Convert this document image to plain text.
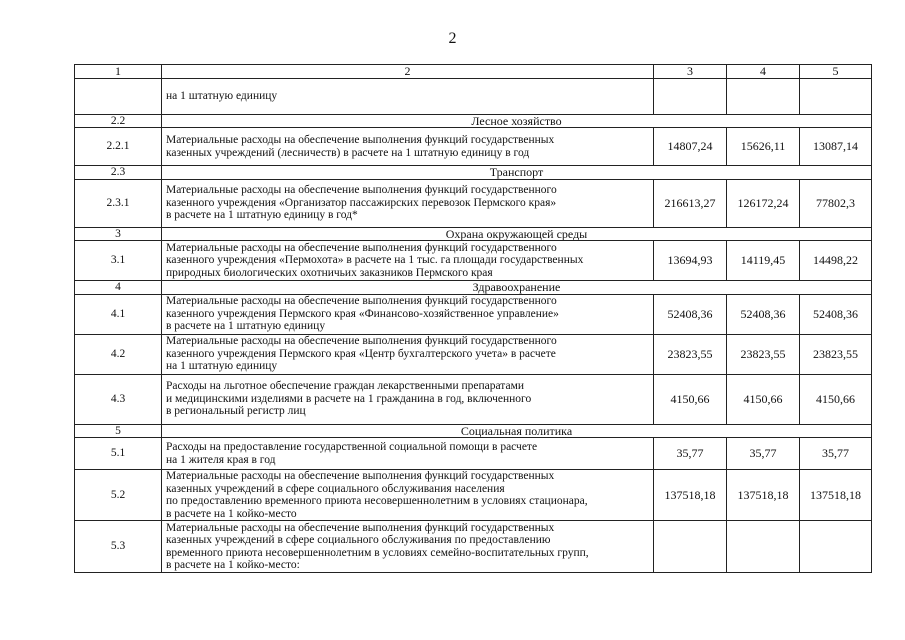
2
1	2	3	4	5

	на 1 штатную единицу			

2.2	Лесное хозяйство			
2.2.1	Материальные расходы на обеспечение выполнения функций государственных
казенных учреждений (лесничеств) в расчете на 1 штатную единицу в год	14807,24	15626,11	13087,14
2.3	Транспорт			
2.3.1	Материальные расходы на обеспечение выполнения функций государственного
казенного учреждения «Организатор пассажирских перевозок Пермского края»
в расчете на 1 штатную единицу в год*	216613,27	126172,24	77802,3
3	Охрана окружающей среды			
3.1	Материальные расходы на обеспечение выполнения функций государственного
казенного учреждения «Пермохота» в расчете на 1 тыс. га площади государственных
природных биологических охотничьих заказников Пермского края	13694,93	14119,45	14498,22
4	Здравоохранение			
4.1	Материальные расходы на обеспечение выполнения функций государственного
казенного учреждения Пермского края «Финансово-хозяйственное управление»
в расчете на 1 штатную единицу	52408,36	52408,36	52408,36
4.2	Материальные расходы на обеспечение выполнения функций государственного
казенного учреждения Пермского края «Центр бухгалтерского учета» в расчете
на 1 штатную единицу	23823,55	23823,55	23823,55
4.3	Расходы на льготное обеспечение граждан лекарственными препаратами
и медицинскими изделиями в расчете на 1 гражданина в год, включенного
в региональный регистр лиц	4150,66	4150,66	4150,66
5	Социальная политика			
5.1	Расходы на предоставление государственной социальной помощи в расчете
на 1 жителя края в год	35,77	35,77	35,77
5.2	Материальные расходы на обеспечение выполнения функций государственных
казенных учреждений в сфере социального обслуживания населения
по предоставлению временного приюта несовершеннолетним в условиях стационара,
в расчете на 1 койко-место	137518,18	137518,18	137518,18
5.3	Материальные расходы на обеспечение выполнения функций государственных
казенных учреждений в сфере социального обслуживания по предоставлению
временного приюта несовершеннолетним в условиях семейно-воспитательных групп,
в расчете на 1 койко-место:			
